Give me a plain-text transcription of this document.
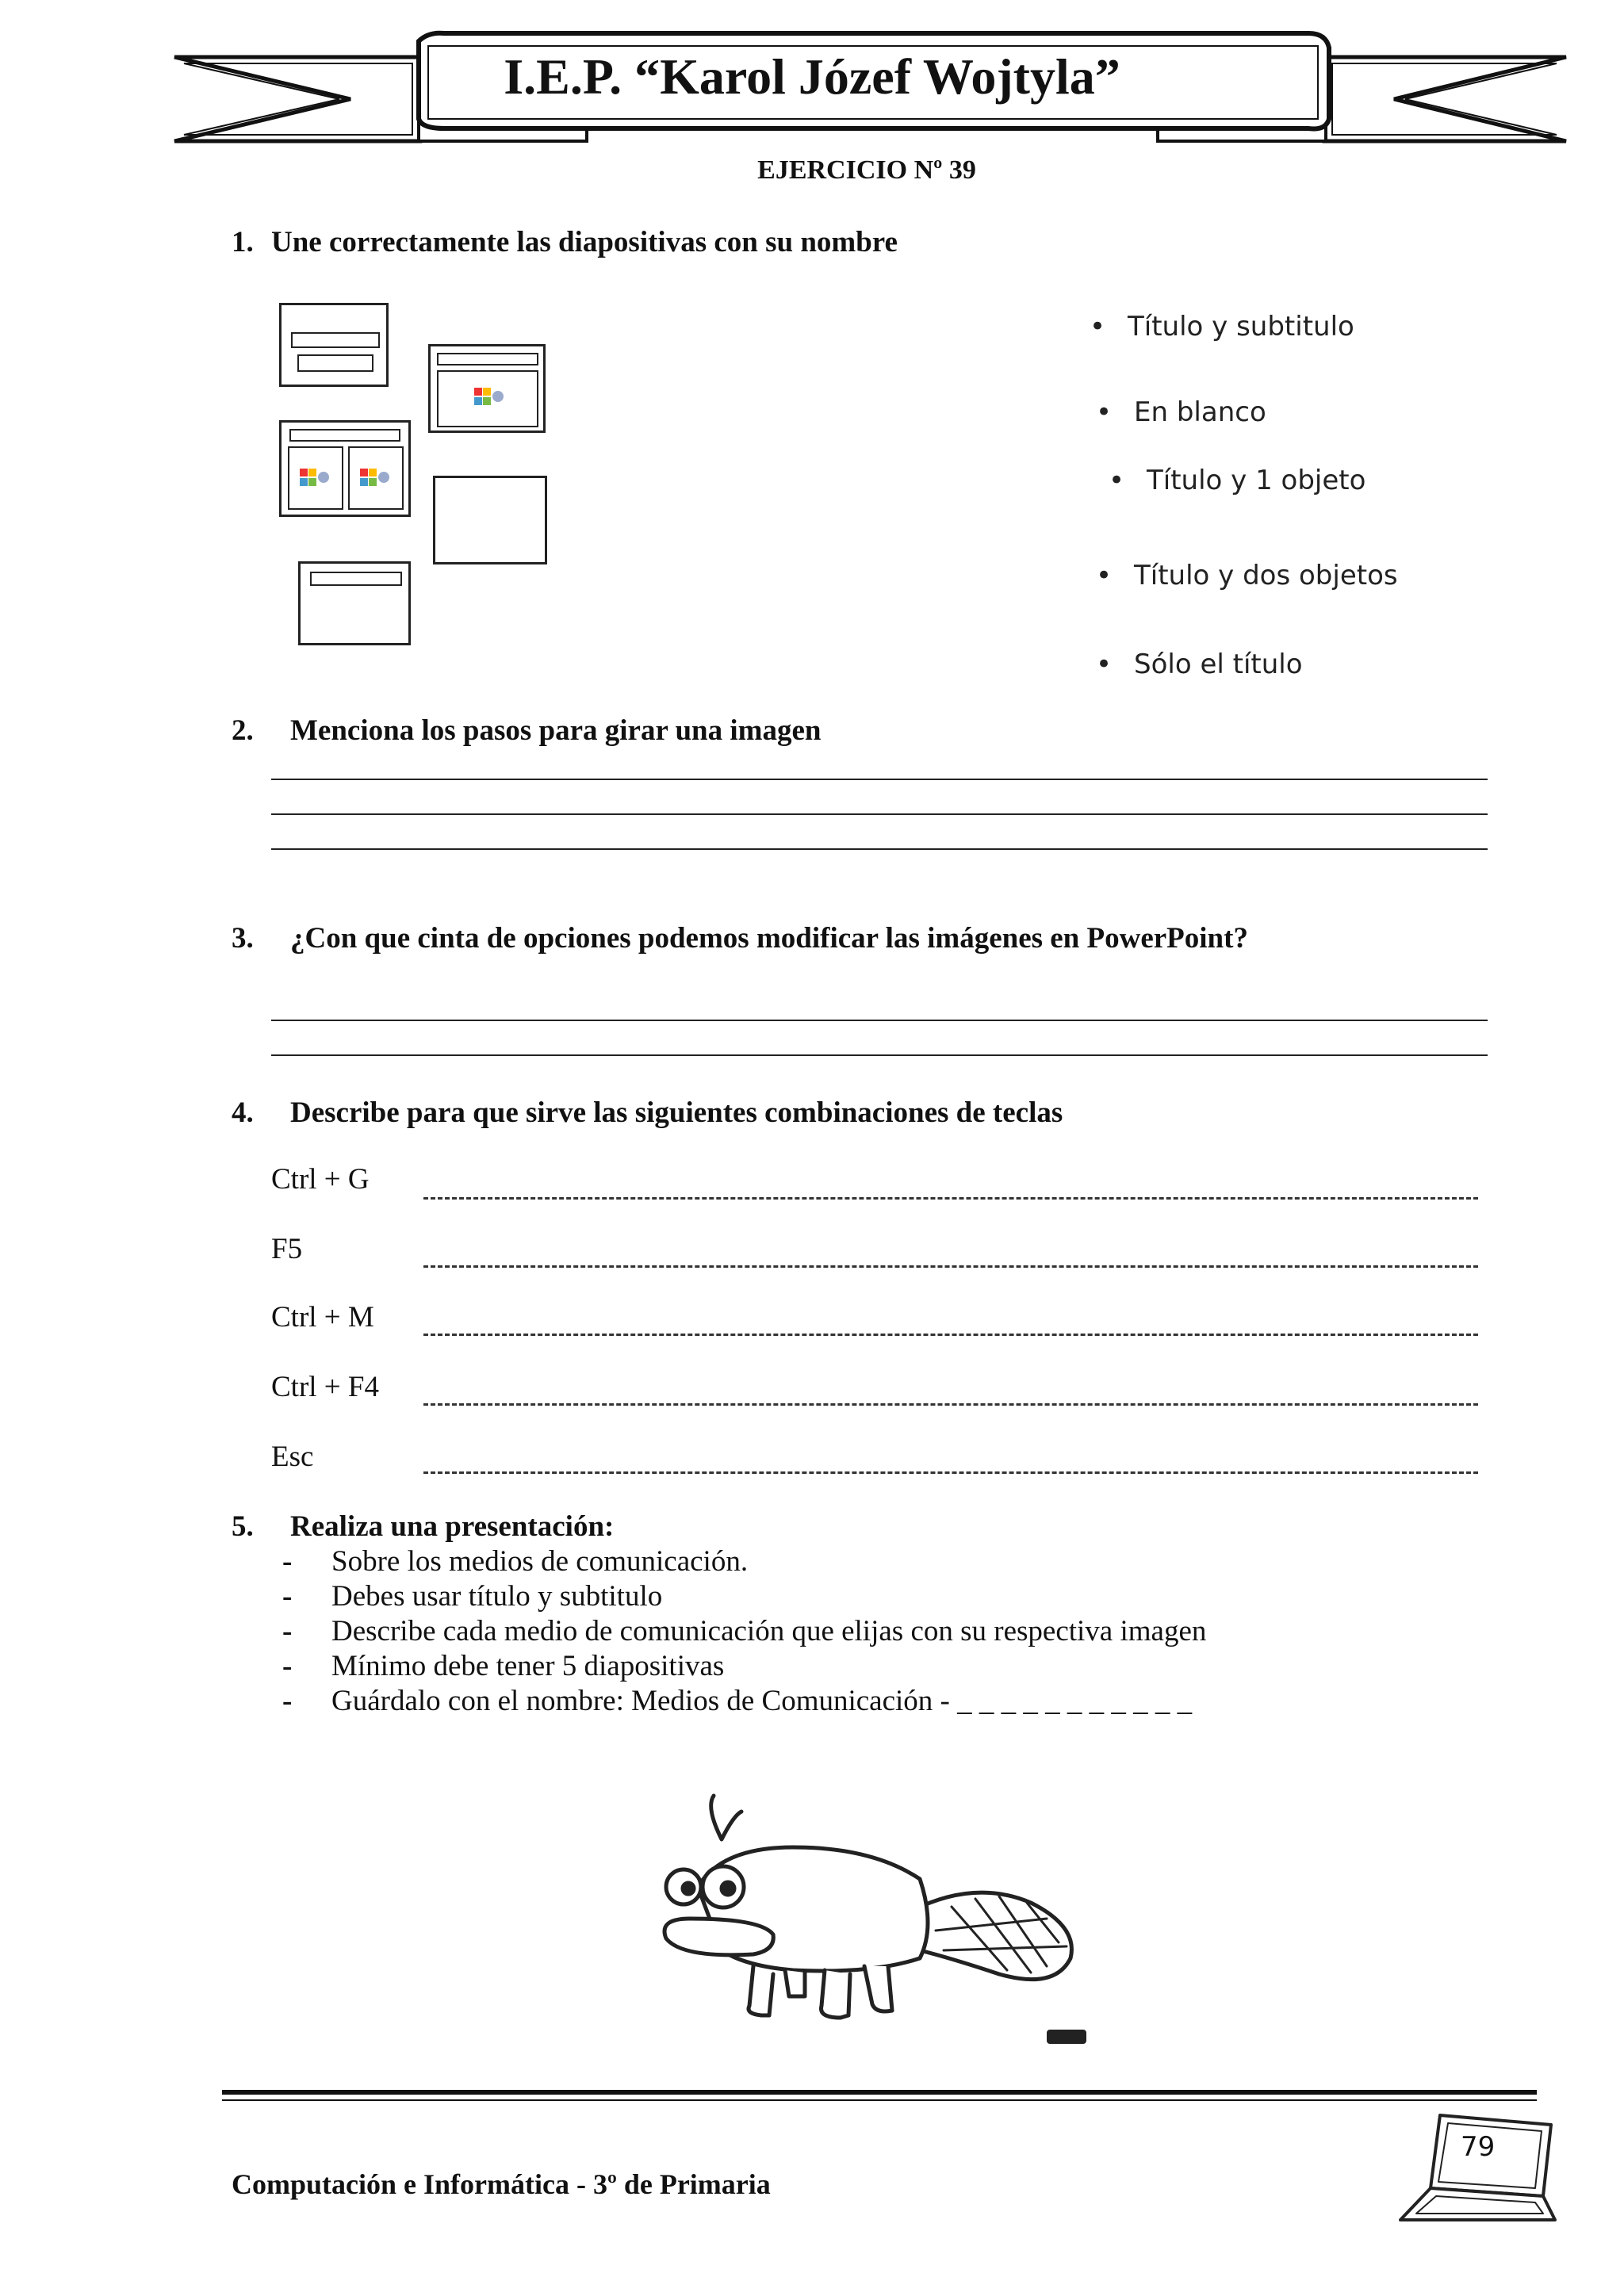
I.E.P. “Karol Józef Wojtyla”
EJERCICIO Nº 39
1. Une correctamente las diapositivas con su nombre
• Título y subtitulo
• En blanco
• Título y 1 objeto
• Título y dos objetos
• Sólo el título
2. Menciona los pasos para girar una imagen
3. ¿Con que cinta de opciones podemos modificar las imágenes en PowerPoint?
4. Describe para que sirve las siguientes combinaciones de teclas
Ctrl + G
F5
Ctrl + M
Ctrl + F4
Esc
5. Realiza una presentación:
- Sobre los medios de comunicación.
- Debes usar título y subtitulo
- Describe cada medio de comunicación que elijas con su respectiva imagen
- Mínimo debe tener 5 diapositivas
- Guárdalo con el nombre: Medios de Comunicación - _ _ _ _ _ _ _ _ _ _ _
Computación e Informática - 3º de Primaria
79
